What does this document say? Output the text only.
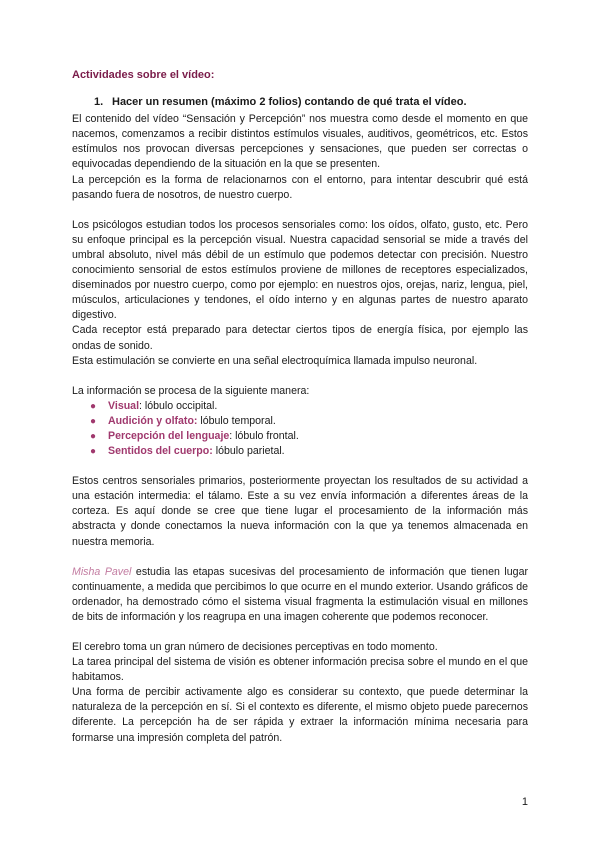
Actividades sobre el vídeo:
1. Hacer un resumen (máximo 2 folios) contando de qué trata el vídeo.

El contenido del vídeo “Sensación y Percepción” nos muestra como desde el momento en que nacemos, comenzamos a recibir distintos estímulos visuales, auditivos, geométricos, etc. Estos estímulos nos provocan diversas percepciones y sensaciones, que pueden ser correctas o equivocadas dependiendo de la situación en la que se presenten.

La percepción es la forma de relacionarnos con el entorno, para intentar descubrir qué está pasando fuera de nosotros, de nuestro cuerpo.

Los psicólogos estudian todos los procesos sensoriales como: los oídos, olfato, gusto, etc. Pero su enfoque principal es la percepción visual. Nuestra capacidad sensorial se mide a través del umbral absoluto, nivel más débil de un estímulo que podemos detectar con precisión. Nuestro conocimiento sensorial de estos estímulos proviene de millones de receptores especializados, diseminados por nuestro cuerpo, como por ejemplo: en nuestros ojos, orejas, nariz, lengua, piel, músculos, articulaciones y tendones, el oído interno y en algunas partes de nuestro aparato digestivo.

Cada receptor está preparado para detectar ciertos tipos de energía física, por ejemplo las ondas de sonido.

Esta estimulación se convierte en una señal electroquímica llamada impulso neuronal.

La información se procesa de la siguiente manera:

● Visual: lóbulo occipital.
● Audición y olfato: lóbulo temporal.
● Percepción del lenguaje: lóbulo frontal.
● Sentidos del cuerpo: lóbulo parietal.

Estos centros sensoriales primarios, posteriormente proyectan los resultados de su actividad a una estación intermedia: el tálamo. Este a su vez envía información a diferentes áreas de la corteza. Es aquí donde se cree que tiene lugar el procesamiento de la información más abstracta y donde conectamos la nueva información con la que ya tenemos almacenada en nuestra memoria.

Misha Pavel estudia las etapas sucesivas del procesamiento de información que tienen lugar continuamente, a medida que percibimos lo que ocurre en el mundo exterior. Usando gráficos de ordenador, ha demostrado cómo el sistema visual fragmenta la estimulación visual en millones de bits de información y los reagrupa en una imagen coherente que podemos reconocer.

El cerebro toma un gran número de decisiones perceptivas en todo momento.

La tarea principal del sistema de visión es obtener información precisa sobre el mundo en el que habitamos.

Una forma de percibir activamente algo es considerar su contexto, que puede determinar la naturaleza de la percepción en sí. Si el contexto es diferente, el mismo objeto puede parecernos diferente. La percepción ha de ser rápida y extraer la información mínima necesaria para formarse una impresión completa del patrón.

1
